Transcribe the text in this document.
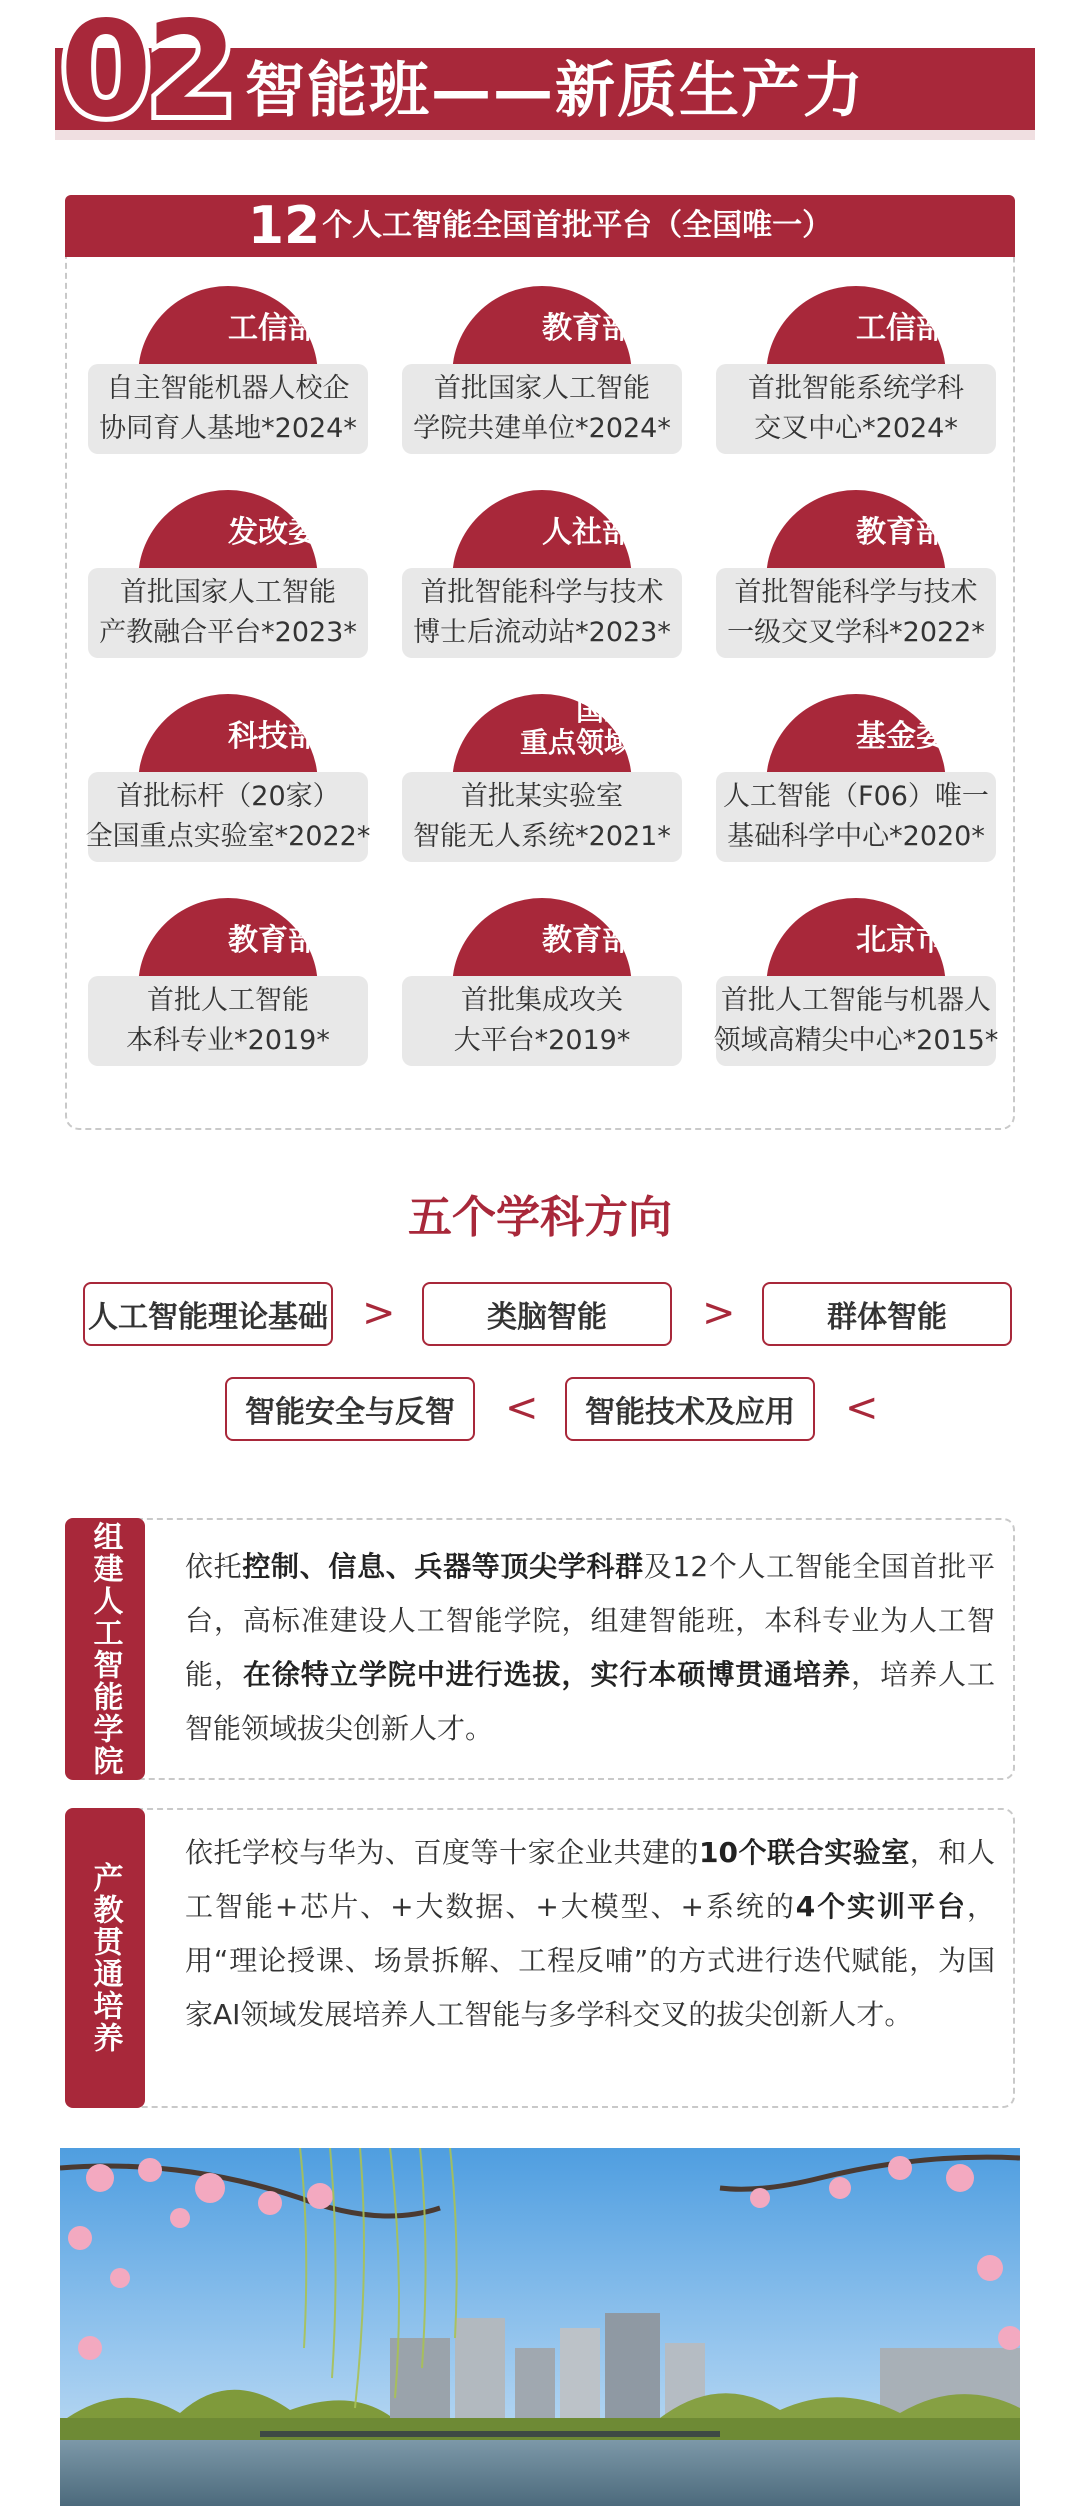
02 智能班——新质生产力
12 个人工智能全国首批平台（全国唯一）
自主智能机器人校企
协同育人基地*2024*
工信部
首批国家人工智能
学院共建单位*2024*
教育部
首批智能系统学科
交叉中心*2024*
工信部
首批国家人工智能
产教融合平台*2023*
发改委
首批智能科学与技术
博士后流动站*2023*
人社部
首批智能科学与技术
一级交叉学科*2022*
教育部
首批标杆（20家）
全国重点实验室*2022*
科技部
首批某实验室
智能无人系统*2021*
国家
重点领域
人工智能（F06）唯一
基础科学中心*2020*
基金委
首批人工智能
本科专业*2019*
教育部
首批集成攻关
大平台*2019*
教育部
首批人工智能与机器人
领域高精尖中心*2015*
北京市
五个学科方向
人工智能理论基础 >	类脑智能	>	群体智能
智能安全与反智	<	智能技术及应用	<
组建人工智能学院 依托控制、信息、兵器等顶尖学科群及12个人工智能全国首批平台，高标准建设人工智能学院，组建智能班，本科专业为人工智能，在徐特立学院中进行选拔，实行本硕博贯通培养，培养人工智能领域拔尖创新人才。
产教贯通培养
依托学校与华为、百度等十家企业共建的10个联合实验室，和人工智能+芯片、+大数据、+大模型、+系统的4个实训平台，用“理论授课、场景拆解、工程反哺”的方式进行迭代赋能，为国家AI领域发展培养人工智能与多学科交叉的拔尖创新人才。
